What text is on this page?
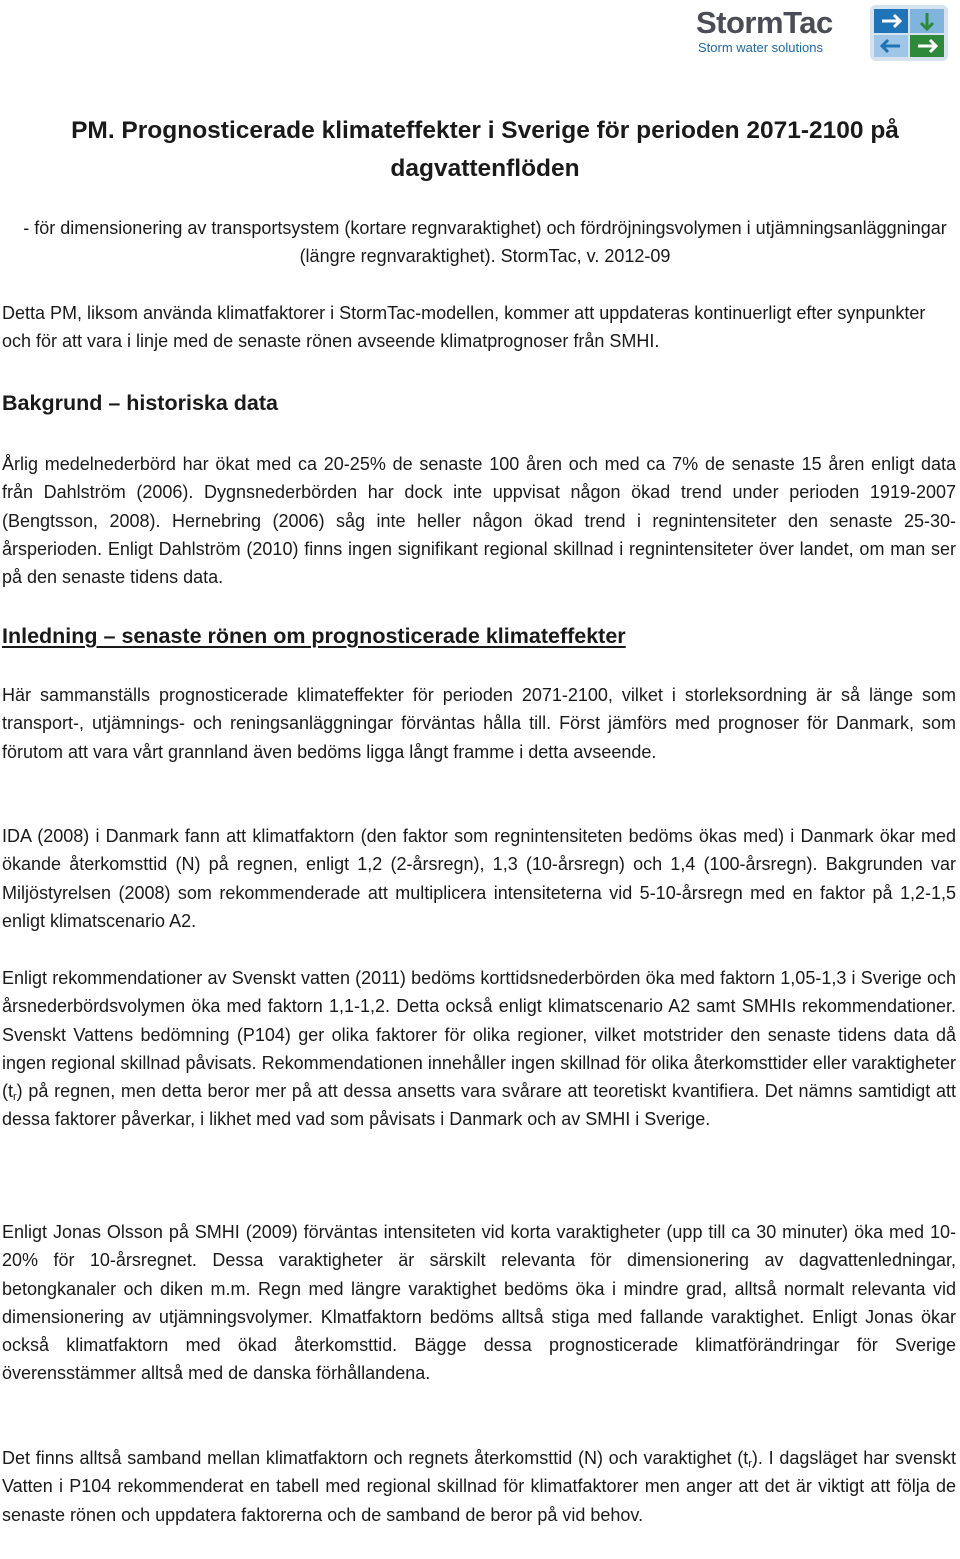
StormTac
Storm water solutions
PM. Prognosticerade klimateffekter i Sverige för perioden 2071-2100 på dagvattenflöden
- för dimensionering av transportsystem (kortare regnvaraktighet) och fördröjningsvolymen i utjämningsanläggningar (längre regnvaraktighet). StormTac, v. 2012-09
Detta PM, liksom använda klimatfaktorer i StormTac-modellen, kommer att uppdateras kontinuerligt efter synpunkter och för att vara i linje med de senaste rönen avseende klimatprognoser från SMHI.
Bakgrund – historiska data
Årlig medelnederbörd har ökat med ca 20-25% de senaste 100 åren och med ca 7% de senaste 15 åren enligt data från Dahlström (2006). Dygnsnederbörden har dock inte uppvisat någon ökad trend under perioden 1919-2007 (Bengtsson, 2008). Hernebring (2006) såg inte heller någon ökad trend i regnintensiteter den senaste 25-30-årsperioden. Enligt Dahlström (2010) finns ingen signifikant regional skillnad i regnintensiteter över landet, om man ser på den senaste tidens data.
Inledning – senaste rönen om prognosticerade klimateffekter
Här sammanställs prognosticerade klimateffekter för perioden 2071-2100, vilket i storleksordning är så länge som transport-, utjämnings- och reningsanläggningar förväntas hålla till. Först jämförs med prognoser för Danmark, som förutom att vara vårt grannland även bedöms ligga långt framme i detta avseende.
IDA (2008) i Danmark fann att klimatfaktorn (den faktor som regnintensiteten bedöms ökas med) i Danmark ökar med ökande återkomsttid (N) på regnen, enligt 1,2 (2-årsregn), 1,3 (10-årsregn) och 1,4 (100-årsregn). Bakgrunden var Miljöstyrelsen (2008) som rekommenderade att multiplicera intensiteterna vid 5-10-årsregn med en faktor på 1,2-1,5 enligt klimatscenario A2.
Enligt rekommendationer av Svenskt vatten (2011) bedöms korttidsnederbörden öka med faktorn 1,05-1,3 i Sverige och årsnederbördsvolymen öka med faktorn 1,1-1,2. Detta också enligt klimatscenario A2 samt SMHIs rekommendationer. Svenskt Vattens bedömning (P104) ger olika faktorer för olika regioner, vilket motstrider den senaste tidens data då ingen regional skillnad påvisats. Rekommendationen innehåller ingen skillnad för olika återkomsttider eller varaktigheter $(t_r)$ på regnen, men detta beror mer på att dessa ansetts vara svårare att teoretiskt kvantifiera. Det nämns samtidigt att dessa faktorer påverkar, i likhet med vad som påvisats i Danmark och av SMHI i Sverige.
Enligt Jonas Olsson på SMHI (2009) förväntas intensiteten vid korta varaktigheter (upp till ca 30 minuter) öka med 10-20% för 10-årsregnet. Dessa varaktigheter är särskilt relevanta för dimensionering av dagvattenledningar, betongkanaler och diken m.m. Regn med längre varaktighet bedöms öka i mindre grad, alltså normalt relevanta vid dimensionering av utjämningsvolymer. Klmatfaktorn bedöms alltså stiga med fallande varaktighet. Enligt Jonas ökar också klimatfaktorn med ökad återkomsttid. Bägge dessa prognosticerade klimatförändringar för Sverige överensstämmer alltså med de danska förhållandena.
Det finns alltså samband mellan klimatfaktorn och regnets återkomsttid (N) och varaktighet $(t_r)$. I dagsläget har svenskt Vatten i P104 rekommenderat en tabell med regional skillnad för klimatfaktorer men anger att det är viktigt att följa de senaste rönen och uppdatera faktorerna och de samband de beror på vid behov.
